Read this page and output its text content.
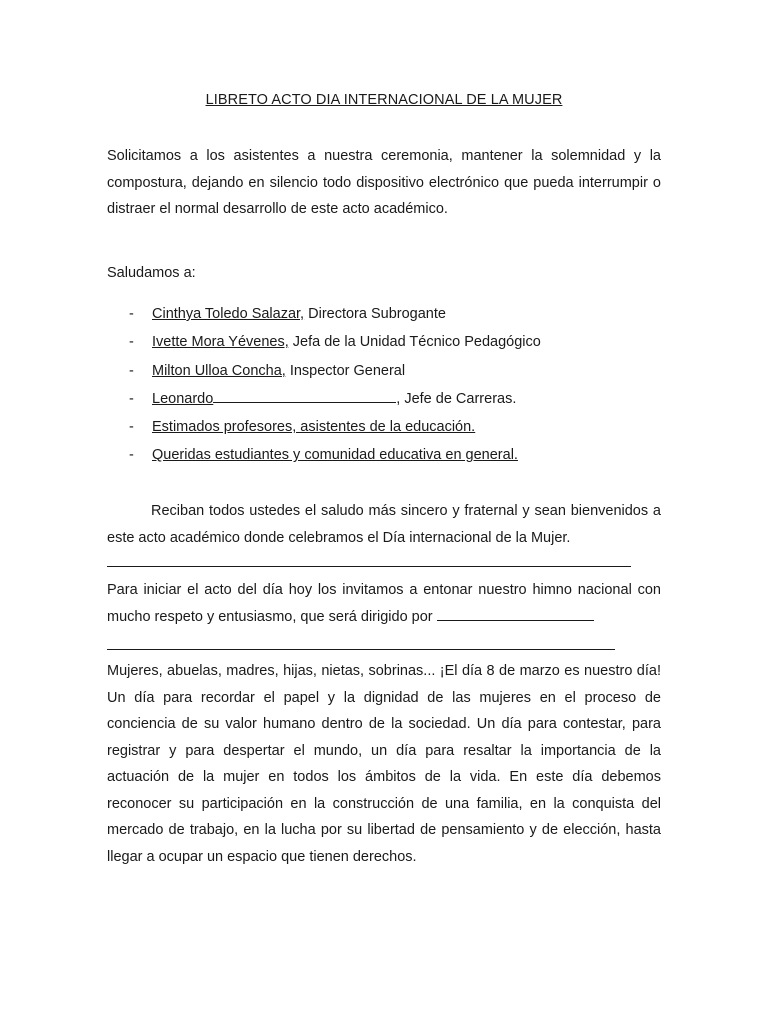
LIBRETO ACTO DIA INTERNACIONAL DE LA MUJER

Solicitamos a los asistentes a nuestra ceremonia, mantener la solemnidad y la compostura, dejando en silencio todo dispositivo electrónico que pueda interrumpir o distraer el normal desarrollo de este acto académico.

Saludamos a:
- Cinthya Toledo Salazar, Directora Subrogante
- Ivette Mora Yévenes, Jefa de la Unidad Técnico Pedagógico
- Milton Ulloa Concha, Inspector General
- Leonardo	, Jefe de Carreras.
- Estimados profesores, asistentes de la educación.
- Queridas estudiantes y comunidad educativa en general.

Reciban todos ustedes el saludo más sincero y fraternal y sean bienvenidos a este acto académico donde celebramos el Día internacional de la Mujer.

Para iniciar el acto del día hoy los invitamos a entonar nuestro himno nacional con mucho respeto y entusiasmo, que será dirigido por

Mujeres, abuelas, madres, hijas, nietas, sobrinas... ¡El día 8 de marzo es nuestro día! Un día para recordar el papel y la dignidad de las mujeres en el proceso de conciencia de su valor humano dentro de la sociedad. Un día para contestar, para registrar y para despertar el mundo, un día para resaltar la importancia de la actuación de la mujer en todos los ámbitos de la vida. En este día debemos reconocer su participación en la construcción de una familia, en la conquista del mercado de trabajo, en la lucha por su libertad de pensamiento y de elección, hasta llegar a ocupar un espacio que tienen derechos.
